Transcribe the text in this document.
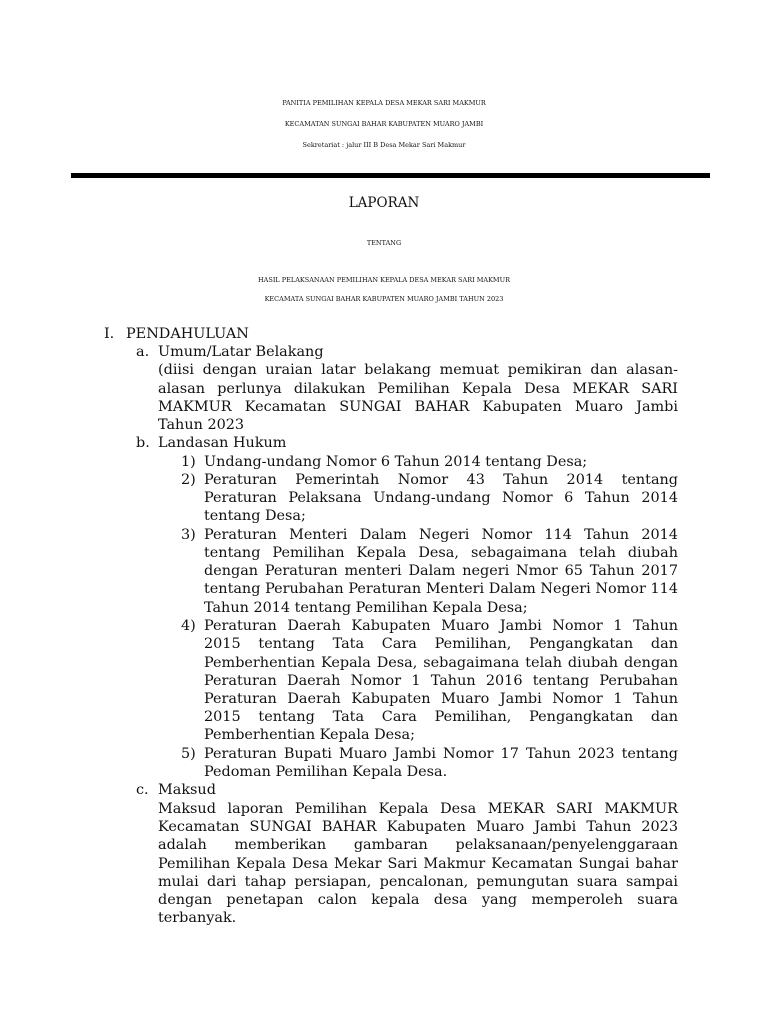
PANITIA PEMILIHAN KEPALA DESA MEKAR SARI MAKMUR
KECAMATAN SUNGAI BAHAR KABUPATEN MUARO JAMBI
Sekretariat : jalur III B Desa Mekar Sari Makmur
LAPORAN
TENTANG
HASIL PELAKSANAAN PEMILIHAN KEPALA DESA MEKAR SARI MAKMUR
KECAMATA SUNGAI BAHAR KABUPATEN MUARO JAMBI TAHUN 2023
I. PENDAHULUAN
a. Umum/Latar Belakang
(diisi dengan uraian latar belakang memuat pemikiran dan alasan-
alasan perlunya dilakukan Pemilihan Kepala Desa MEKAR SARI
MAKMUR Kecamatan SUNGAI BAHAR Kabupaten Muaro Jambi
Tahun 2023
b. Landasan Hukum
1) Undang-undang Nomor 6 Tahun 2014 tentang Desa;
2) Peraturan Pemerintah Nomor 43 Tahun 2014 tentang
Peraturan Pelaksana Undang-undang Nomor 6 Tahun 2014
tentang Desa;
3) Peraturan Menteri Dalam Negeri Nomor 114 Tahun 2014
tentang Pemilihan Kepala Desa, sebagaimana telah diubah
dengan Peraturan menteri Dalam negeri Nmor 65 Tahun 2017
tentang Perubahan Peraturan Menteri Dalam Negeri Nomor 114
Tahun 2014 tentang Pemilihan Kepala Desa;
4) Peraturan Daerah Kabupaten Muaro Jambi Nomor 1 Tahun
2015 tentang Tata Cara Pemilihan, Pengangkatan dan
Pemberhentian Kepala Desa, sebagaimana telah diubah dengan
Peraturan Daerah Nomor 1 Tahun 2016 tentang Perubahan
Peraturan Daerah Kabupaten Muaro Jambi Nomor 1 Tahun
2015 tentang Tata Cara Pemilihan, Pengangkatan dan
Pemberhentian Kepala Desa;
5) Peraturan Bupati Muaro Jambi Nomor 17 Tahun 2023 tentang
Pedoman Pemilihan Kepala Desa.
c. Maksud
Maksud laporan Pemilihan Kepala Desa MEKAR SARI MAKMUR
Kecamatan SUNGAI BAHAR Kabupaten Muaro Jambi Tahun 2023
adalah memberikan gambaran pelaksanaan/penyelenggaraan
Pemilihan Kepala Desa Mekar Sari Makmur Kecamatan Sungai bahar
mulai dari tahap persiapan, pencalonan, pemungutan suara sampai
dengan penetapan calon kepala desa yang memperoleh suara
terbanyak.
